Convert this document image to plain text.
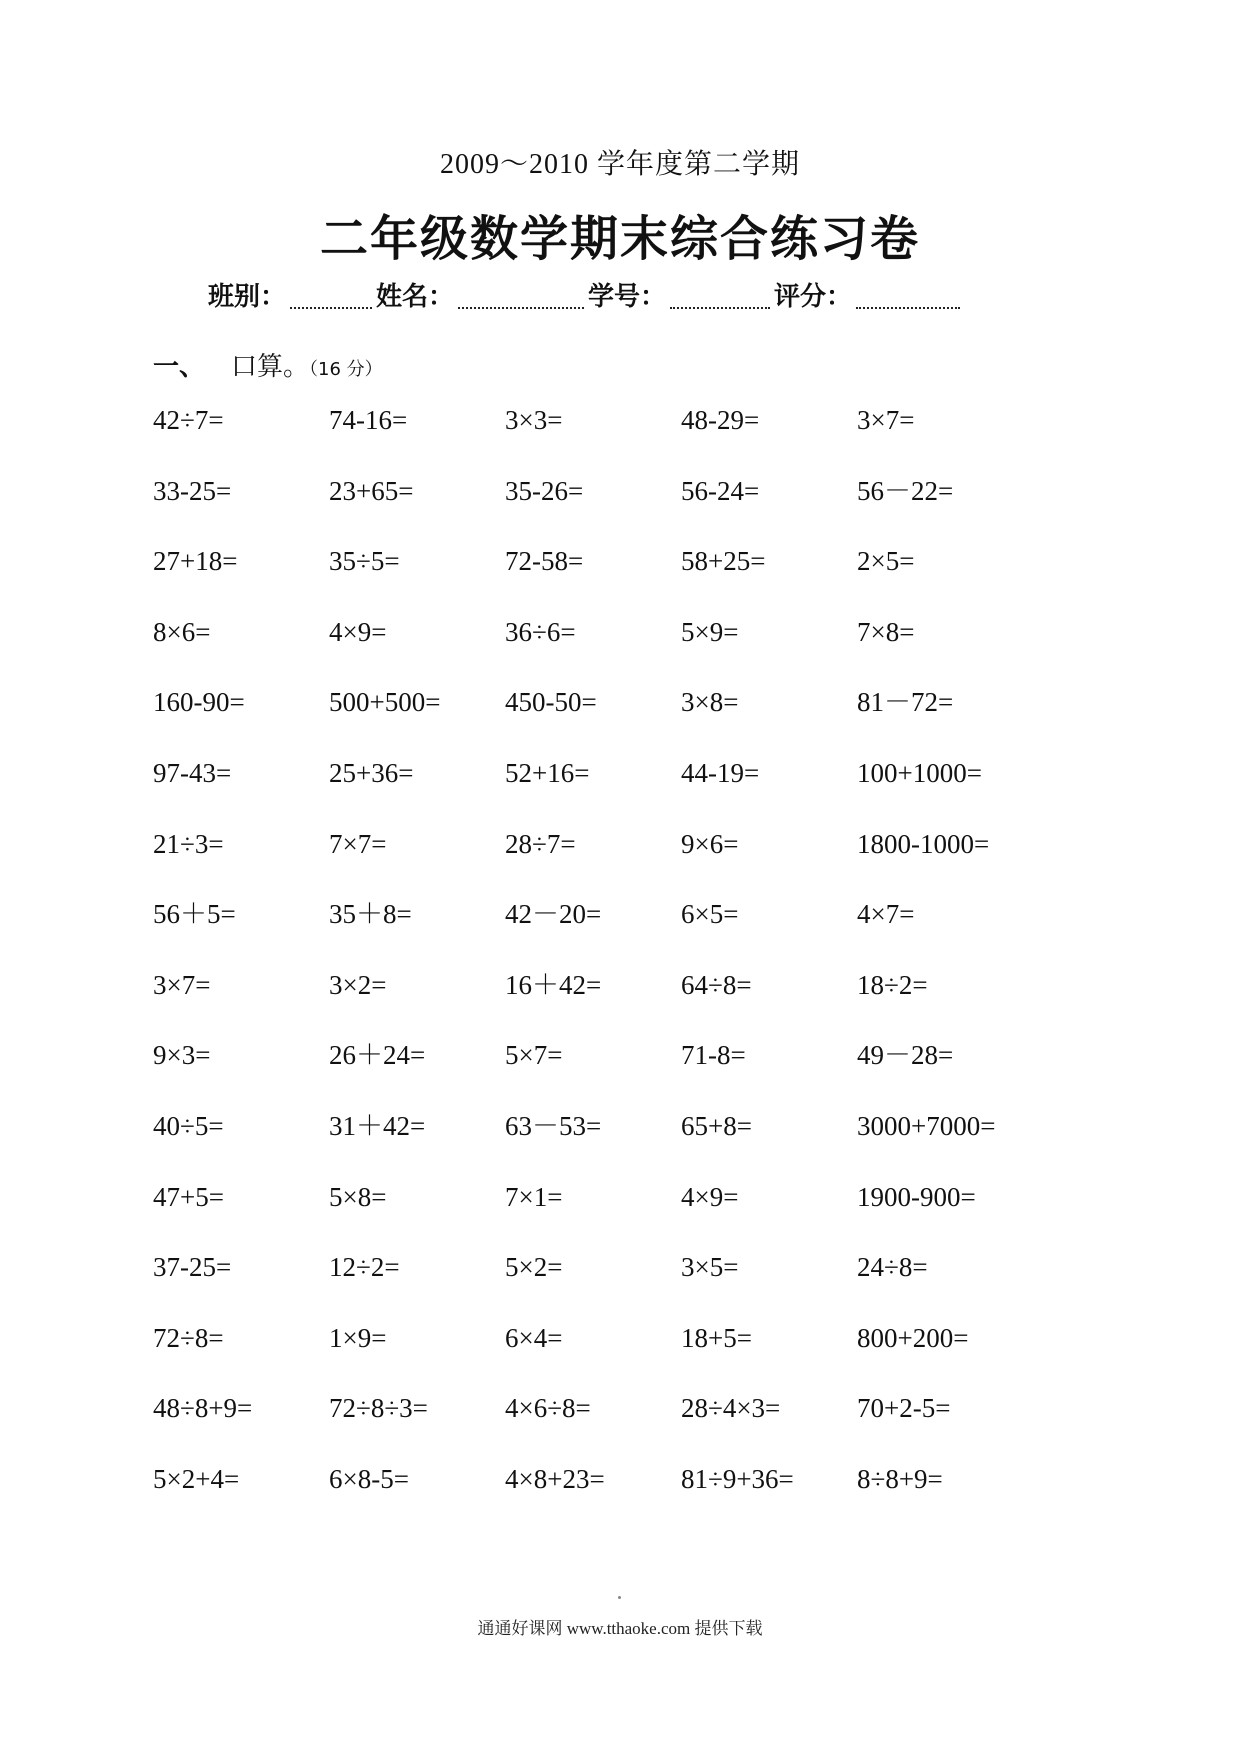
2009～2010 学年度第二学期
二年级数学期末综合练习卷
班别：	姓名：	学号：	评分：
一、 口算。（16 分）
42÷7=	74-16=	3×3=	48-29=	3×7=
33-25=	23+65=	35-26=	56-24=	56－22=
27+18=	35÷5=	72-58=	58+25=	2×5=
8×6=	4×9=	36÷6=	5×9=	7×8=
160-90=	500+500=	450-50=	3×8=	81－72=
97-43=	25+36=	52+16=	44-19=	100+1000=
21÷3=	7×7=	28÷7=	9×6=	1800-1000=
56＋5=	35＋8=	42－20=	6×5=	4×7=
3×7=	3×2=	16＋42=	64÷8=	18÷2=
9×3=	26＋24=	5×7=	71-8=	49－28=
40÷5=	31＋42=	63－53=	65+8=	3000+7000=
47+5=	5×8=	7×1=	4×9=	1900-900=
37-25=	12÷2=	5×2=	3×5=	24÷8=
72÷8=	1×9=	6×4=	18+5=	800+200=
48÷8+9=	72÷8÷3=	4×6÷8=	28÷4×3=	70+2-5=
5×2+4=	6×8-5=	4×8+23=	81÷9+36=	8÷8+9=
通通好课网 www.tthaoke.com 提供下载
